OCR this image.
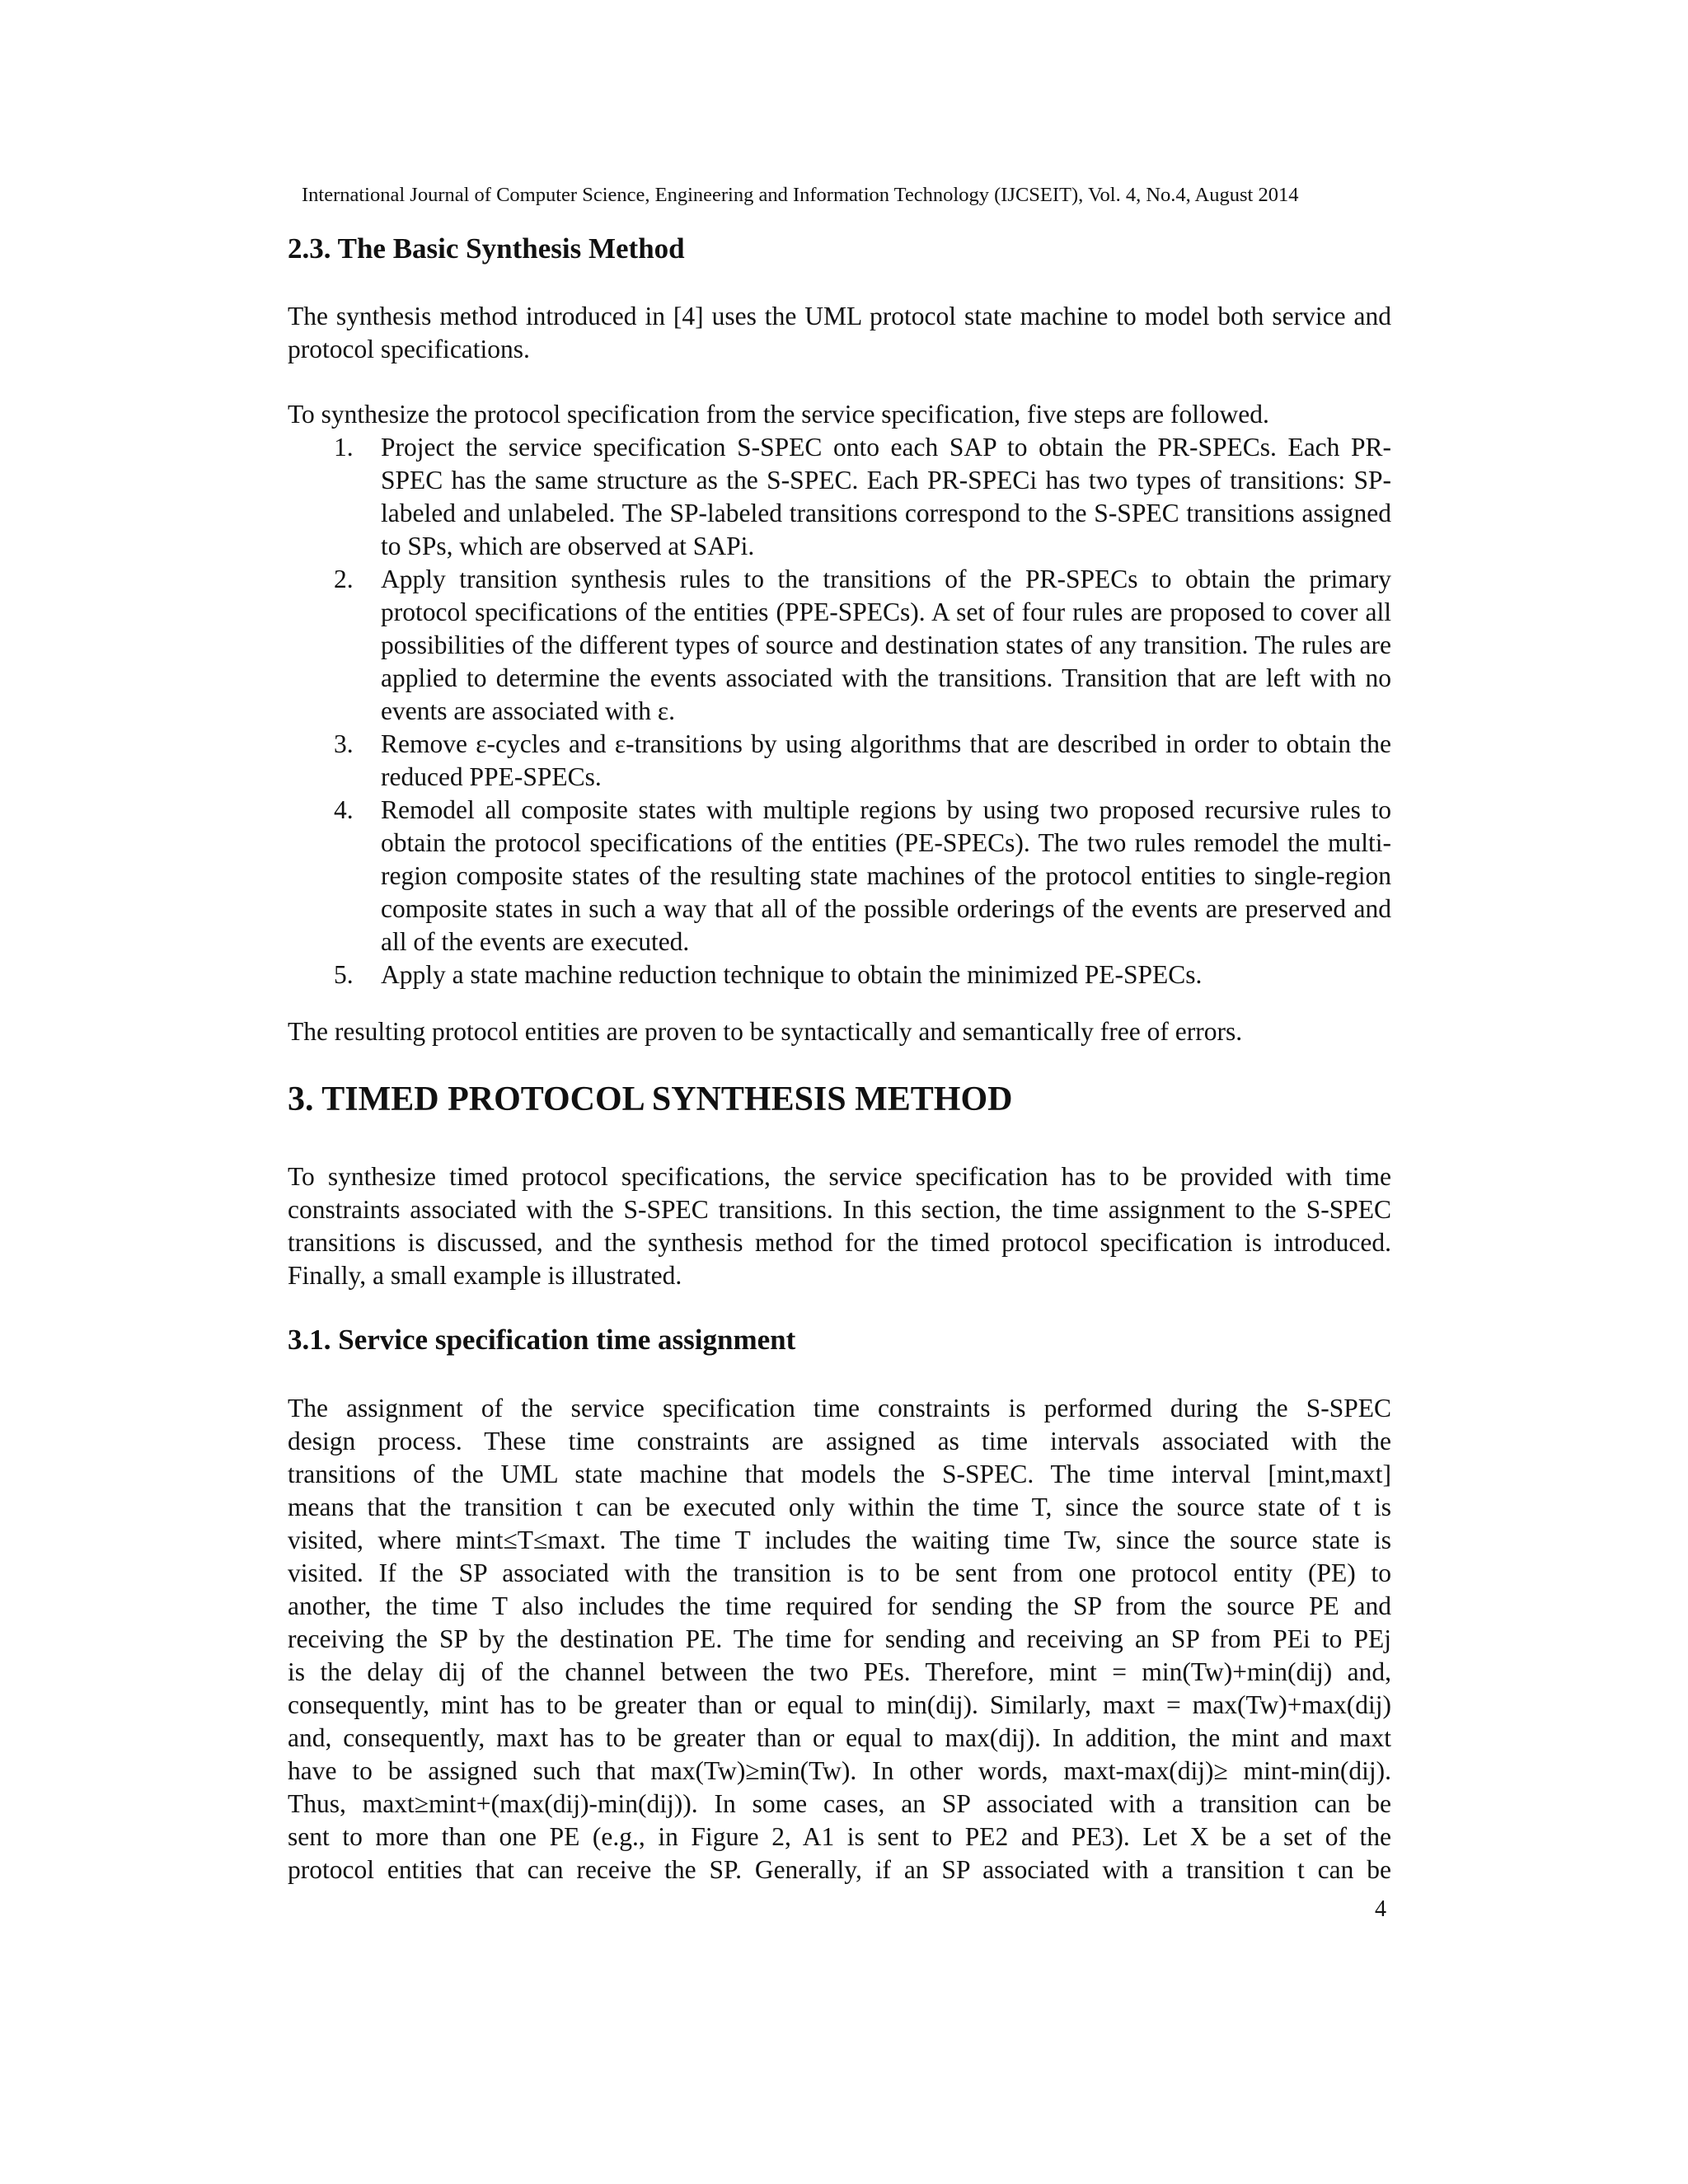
International Journal of Computer Science, Engineering and Information Technology (IJCSEIT), Vol. 4, No.4, August 2014
2.3. The Basic Synthesis Method

The synthesis method introduced in [4] uses the UML protocol state machine to model both service and protocol specifications.

To synthesize the protocol specification from the service specification, five steps are followed.

1. Project the service specification S-SPEC onto each SAP to obtain the PR-SPECs. Each PR-SPEC has the same structure as the S-SPEC. Each PR-SPECi has two types of transitions: SP-labeled and unlabeled. The SP-labeled transitions correspond to the S-SPEC transitions assigned to SPs, which are observed at SAPi.
2. Apply transition synthesis rules to the transitions of the PR-SPECs to obtain the primary protocol specifications of the entities (PPE-SPECs). A set of four rules are proposed to cover all possibilities of the different types of source and destination states of any transition. The rules are applied to determine the events associated with the transitions. Transition that are left with no events are associated with ε.
3. Remove ε-cycles and ε-transitions by using algorithms that are described in order to obtain the reduced PPE-SPECs.
4. Remodel all composite states with multiple regions by using two proposed recursive rules to obtain the protocol specifications of the entities (PE-SPECs). The two rules remodel the multi-region composite states of the resulting state machines of the protocol entities to single-region composite states in such a way that all of the possible orderings of the events are preserved and all of the events are executed.
5. Apply a state machine reduction technique to obtain the minimized PE-SPECs.

The resulting protocol entities are proven to be syntactically and semantically free of errors.

3. TIMED PROTOCOL SYNTHESIS METHOD

To synthesize timed protocol specifications, the service specification has to be provided with time constraints associated with the S-SPEC transitions. In this section, the time assignment to the S-SPEC transitions is discussed, and the synthesis method for the timed protocol specification is introduced. Finally, a small example is illustrated.

3.1. Service specification time assignment
The assignment of the service specification time constraints is performed during the S-SPEC
design process. These time constraints are assigned as time intervals associated with the
transitions of the UML state machine that models the S-SPEC. The time interval [mint,maxt]
means that the transition t can be executed only within the time T, since the source state of t is
visited, where mint≤T≤maxt. The time T includes the waiting time Tw, since the source state is
visited. If the SP associated with the transition is to be sent from one protocol entity (PE) to
another, the time T also includes the time required for sending the SP from the source PE and
receiving the SP by the destination PE. The time for sending and receiving an SP from PEi to PEj
is the delay dij of the channel between the two PEs. Therefore, mint = min(Tw)+min(dij) and,
consequently, mint has to be greater than or equal to min(dij). Similarly, maxt = max(Tw)+max(dij)
and, consequently, maxt has to be greater than or equal to max(dij). In addition, the mint and maxt
have to be assigned such that max(Tw)≥min(Tw). In other words, maxt-max(dij)≥ mint-min(dij).
Thus, maxt≥mint+(max(dij)-min(dij)). In some cases, an SP associated with a transition can be
sent to more than one PE (e.g., in Figure 2, A1 is sent to PE2 and PE3). Let X be a set of the
protocol entities that can receive the SP. Generally, if an SP associated with a transition t can be
4
